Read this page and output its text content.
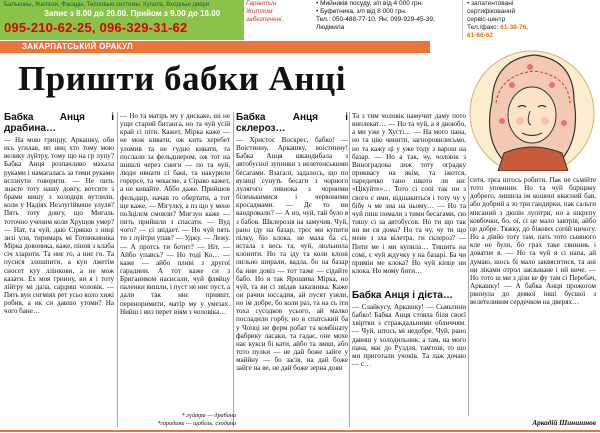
Бальконы, Жалюзи, Фасады, Тепловые системы, Купола, Входные двери
Запис з 8.00 до 20.00. Прийом з 9.00 до 16.00
095-210-62-25, 096-329-31-62
Гарантии
Житлом
забезпечені.
• Мийників посуду, з/п від 4 000 грн.
• Буфетника, з/п від 8 000 грн.
Тел.: 050-488-77-10, Ян; 099-929-45-39, Людмила
• запатентовані
сертифікований
сервіс-центр
Тел./факс: 61-38-76,
61-66-62
ЗАКАРПАТСЬКИЙ ОРАКУЛ
Пришти бабки Анці
Бабка Анця і драбина…

— На мою гриццу, Аркашку, оби ись угилав, ип ниц хто тому мою велику лүйтру, тому що на гр лупу? Бабка Анця розпачливо махала руками і намагалась за тими руками вєлзнути говорити. — Не пить знаєте тоту нашу довгу, вотсите з брами вишу з холодців вутлили, коли у Надіях Незлугійкеше улуля? Пять тоту довгу, що Мигаль тоточно ученим коли Хрущов умер? — Нат, та чуй, даю Сірякко з ниці зизі ули, тиримарь мі Готинкиника Мірка довоника, каже, пінов з клаба січ хзарити. Та ниє го, а ниє го. Та пуснся злошпити, а кун лжетім сносет куу ллінкови, а не мож казати. Ех моя грнину, ви я і тоту лійтру мі дала, сардиш чоловік. — Пять вун сигміях рет усьо коло хижі робив, а ик си давшо утоми? На чого бане…

— Но та матірь му у дискаке, ші не ущи старий битанга, но та чуй усій край сі піти. Кажет, Мірка каже — не мож кивати, ож кить херебет уломив та не гудно кивати, та послали за фельдшером, ож тот на шишлі через сниги — по та чуй, люди ивиати сі бані, та накурили горерсе, та чекасме, а Сірако кажет, а не кивайте. Аббо даже. Прийшов фельдшр, начав го обертати, а тот ще каже, — Мігулку, а пз що у мене поЗцілєм смовли? Мигзун каже — пить прийшли з спасати. — Вуд чого? — сі звідает. — Но чуй пять ти з лүйтри упав? — Уджу. — Лежу. — А протсь ти ботит? — Ніт. — Айбо упавсь? — Но тоді Ко… — каже — айбо пливі з другої гарадини. А тот каже си з Бригаником насисали, чуй фляйцу паленки вишли, і пуст не ниє пуст, а дали так ниє прияшт, переноримити, матір му у умезах. Нийш і виз перет віям з чоловіка…

Бабка Анця і склероз…

— Христос Воскрес, бабко! — Воістинну, Аркашку, воістинну! Бабка Анця шкандибала з автобусної зупинки з велетенськими бесагами. Взагалі, задалось, що по вулиці сунуть бесаги з чорного лулягого ливнока з чорними біленькимися і червоними кросадмами. — Дє то ви вандровали? — А но, чуй, тай було я з бабов. Шклерозія на замучив. Чуй, рано іду на базар, трєє ми купити пілку, біо клока, не мала ба сі, встала з весь та, чуй, люльнила клонити. Но та іду та коли клоні пильно ширали, вадла, бо на базар ба ини довіз — тот таже — сідайте бабо. Но я так Ярошива Мірка, но чуй, та ви сі звідав заказника. Каже он рачин юссадия, ай пусят узяли, но ім добре, бо коли раз, та на сь іти тоха сусодков усього, ай малко посладили горбу, но в спатський ба у Чопці не ферм робат та комбінату фабрику ласаки, та гадає, оне мохе нає кукси бі кати, айбо та звиш, або тото пулки — не дай боже зайге у маййну — бо засів, на дай боже зайге на ве, не дай боже зерна дови

Та з тим чоловік намучит даму пото виплекат… — Но та чуй, а я двоюбо, а ми уже у Хусті… — На мого пана, но та цію чинити, загноровилисьмо, но та кажу ці у уже тоду з варош на базар. — Но а так, чу, чоловік з Виноградова лиж тоту оградку приквасу на якім, та іжотся, паредичко тано шкото ли ни: «Цікуйте»… Тото сі сопі так ни з свого є ими, відшакиться і тоту чу у бібу ч ме зиа на ньому… — Но та чуй пиш помали з тими бесагами, сю тишу сі за автобусов. Но ти що так ви ви ся дома? Но та чу, чу ти що мене з зла вілетра, ги склероз? — Пити ме і ми купила… Тишить на сомі, є чуй ждучку у на базарі. Ба чи примін ме клока? Но чуй кіпце ни клока. Но мому бити…

Бабка Анця і дієта…

— Слайкусу, Аркашку! — Сьмьтини бабко! Бабка Анця стояла біля своєї хвіртки з страждальними обличчям. — Чуй, штось мі недобре. Чуй, рано давиш у холодильник, а там, на мого пана, має до Руздля, тамтоів, то що ми приготали учоків. Та лаж дочаю — с…

ситя, трєа штось робити. Пак не сьмійте тото упомини. Но та чуй борщику добрего, лишила ім кошині квасний бав, або добрий а зо три гандирки, пак сальти мисаний з дюлін лупітри, но а шкрєпу ковбочки, бо, ої, сі це мало завтрів, айбо це добре. Тяжку, до біжних сопій ничогу. Но а дївйо тоту там, пать тото сьвяного кле не було, бо грах таке сяниниь і доватне в. — Но та чуй я сі напа, ай думаю, шось бі мало заквяснтися, та ані ни ліками отрол закзыване і ий виче. — Но тото ш ми з дізи ке фу там сі Перебач, Аркашку! — А бабка Анця прожогом рвонула до деякої інші бусшої з велетеливим сердечком на дверях…

* лүйтра — драбина
*гарадини — щабель, сходина	Аркадій Шиншинов
